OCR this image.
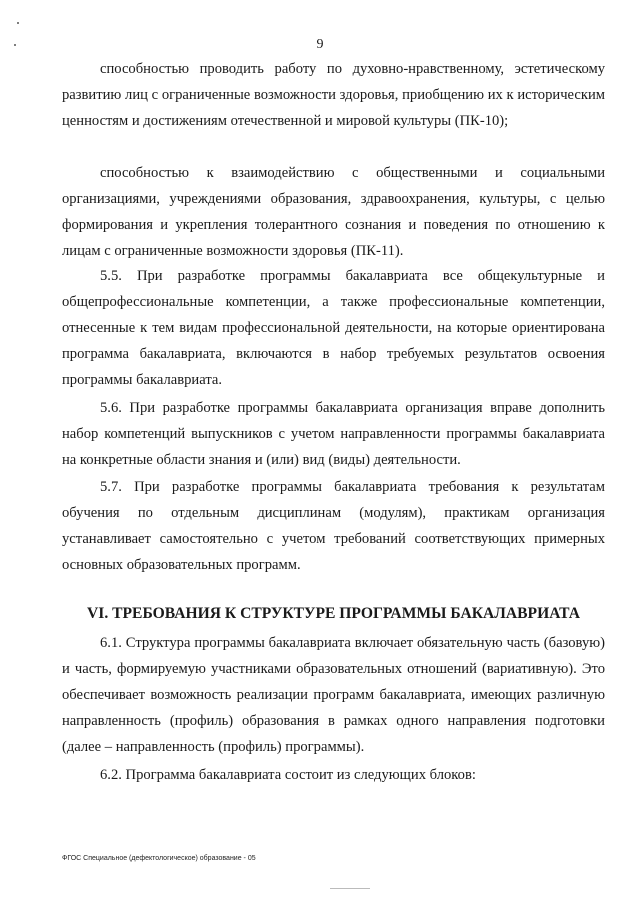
9

способностью проводить работу по духовно-нравственному, эстетическому развитию лиц с ограниченные возможности здоровья, приобщению их к историческим ценностям и достижениям отечественной и мировой культуры (ПК-10);

способностью к взаимодействию с общественными и социальными организациями, учреждениями образования, здравоохранения, культуры, с целью формирования и укрепления толерантного сознания и поведения по отношению к лицам с ограниченные возможности здоровья (ПК-11).

5.5. При разработке программы бакалавриата все общекультурные и общепрофессиональные компетенции, а также профессиональные компетенции, отнесенные к тем видам профессиональной деятельности, на которые ориентирована программа бакалавриата, включаются в набор требуемых результатов освоения программы бакалавриата.

5.6. При разработке программы бакалавриата организация вправе дополнить набор компетенций выпускников с учетом направленности программы бакалавриата на конкретные области знания и (или) вид (виды) деятельности.

5.7. При разработке программы бакалавриата требования к результатам обучения по отдельным дисциплинам (модулям), практикам организация устанавливает самостоятельно с учетом требований соответствующих примерных основных образовательных программ.

VI. ТРЕБОВАНИЯ К СТРУКТУРЕ ПРОГРАММЫ БАКАЛАВРИАТА

6.1. Структура программы бакалавриата включает обязательную часть (базовую) и часть, формируемую участниками образовательных отношений (вариативную). Это обеспечивает возможность реализации программ бакалавриата, имеющих различную направленность (профиль) образования в рамках одного направления подготовки (далее – направленность (профиль) программы).

6.2. Программа бакалавриата состоит из следующих блоков:

ФГОС Специальное (дефектологическое) образование - 05
